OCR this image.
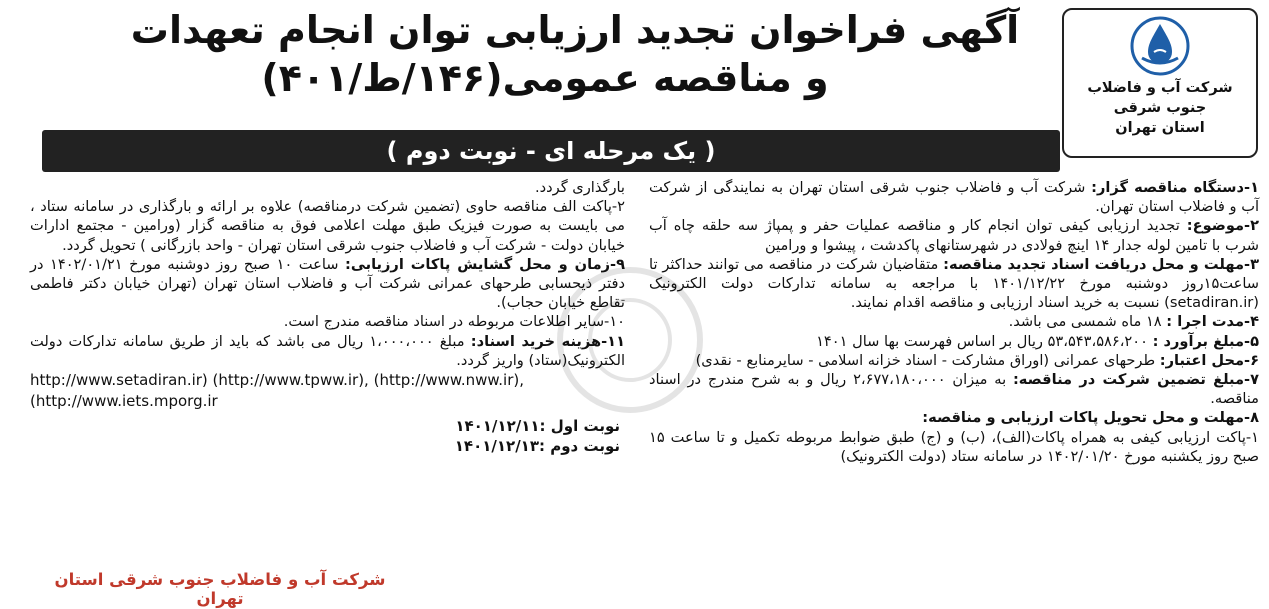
آگهی فراخوان تجدید ارزیابی توان انجام تعهدات
و مناقصه عمومی(۱۴۶/ط/۴۰۱)	شرکت آب و فاضلاب
جنوب شرقی
استان تهران
( یک مرحله ای - نوبت دوم )

۱-دستگاه مناقصه گزار: شرکت آب و فاضلاب جنوب شرقی استان تهران به نمایندگی از شرکت آب و فاضلاب استان تهران.

۲-موضوع: تجدید ارزیابی کیفی توان انجام کار و مناقصه عملیات حفر و پمپاژ سه حلقه چاه آب شرب با تامین لوله جدار ۱۴ اینچ فولادی در شهرستانهای پاکدشت ، پیشوا و ورامین

۳-مهلت و محل دریافت اسناد تجدید مناقصه: متقاضیان شرکت در مناقصه می توانند حداکثر تا ساعت۱۵روز دوشنبه مورخ ۱۴۰۱/۱۲/۲۲ با مراجعه به سامانه تدارکات دولت الکترونیک (setadiran.ir) نسبت به خرید اسناد ارزیابی و مناقصه اقدام نمایند.

۴-مدت اجرا : ۱۸ ماه شمسی می باشد.

۵-مبلغ برآورد : ۵۳،۵۴۳،۵۸۶،۲۰۰ ریال بر اساس فهرست بها سال ۱۴۰۱

۶-محل اعتبار: طرحهای عمرانی (اوراق مشارکت - اسناد خزانه اسلامی - سایرمنابع - نقدی)

۷-مبلغ تضمین شرکت در مناقصه: به میزان ۲،۶۷۷،۱۸۰،۰۰۰ ریال و به شرح مندرج در اسناد مناقصه.

۸-مهلت و محل تحویل پاکات ارزیابی و مناقصه:

۱-پاکت ارزیابی کیفی به همراه پاکات(الف)، (ب) و (ج) طبق ضوابط مربوطه تکمیل و تا ساعت ۱۵ صبح روز یکشنبه مورخ ۱۴۰۲/۰۱/۲۰ در سامانه ستاد (دولت الکترونیک)

بارگذاری گردد.

۲-پاکت الف مناقصه حاوی (تضمین شرکت درمناقصه) علاوه بر ارائه و بارگذاری در سامانه ستاد ، می بایست به صورت فیزیک طبق مهلت اعلامی فوق به مناقصه گزار (ورامین - مجتمع ادارات خیابان دولت - شرکت آب و فاضلاب جنوب شرقی استان تهران - واحد بازرگانی ) تحویل گردد.

۹-زمان و محل گشایش پاکات ارزیابی: ساعت ۱۰ صبح روز دوشنبه مورخ ۱۴۰۲/۰۱/۲۱ در دفتر ذیحسابی طرحهای عمرانی شرکت آب و فاضلاب استان تهران (تهران خیابان دکتر فاطمی تقاطع خیابان حجاب).

۱۰-سایر اطلاعات مربوطه در اسناد مناقصه مندرج است.

۱۱-هزینه خرید اسناد: مبلغ ۱،۰۰۰،۰۰۰ ریال می باشد که باید از طریق سامانه تدارکات دولت الکترونیک(ستاد) واریز گردد.

http://www.setadiran.ir) (http://www.tpww.ir), (http://www.nww.ir),
(http://www.iets.mporg.ir
نوبت اول :۱۴۰۱/۱۲/۱۱
نوبت دوم :۱۴۰۱/۱۲/۱۳
شرکت آب و فاضلاب جنوب شرقی استان تهران
